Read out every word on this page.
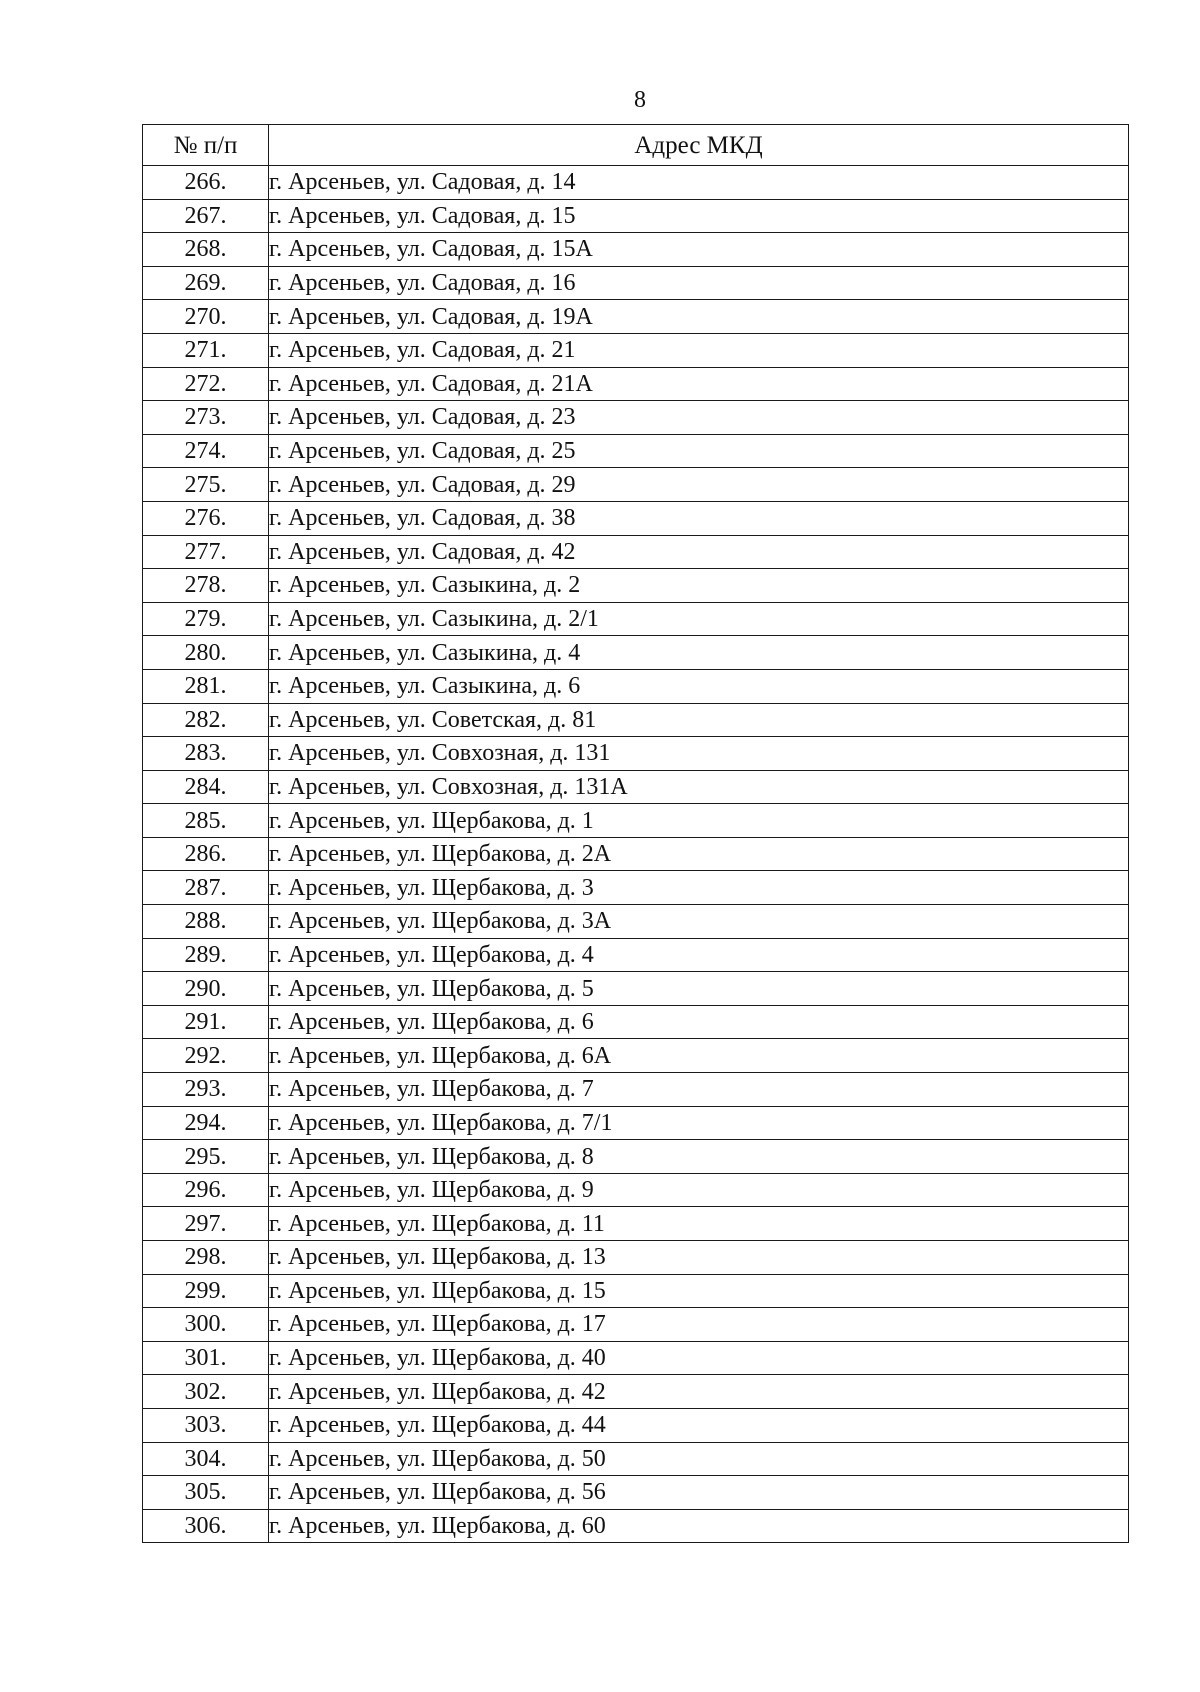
8
№ п/п	Адрес МКД
266.	г. Арсеньев, ул. Садовая, д. 14
267.	г. Арсеньев, ул. Садовая, д. 15
268.	г. Арсеньев, ул. Садовая, д. 15А
269.	г. Арсеньев, ул. Садовая, д. 16
270.	г. Арсеньев, ул. Садовая, д. 19А
271.	г. Арсеньев, ул. Садовая, д. 21
272.	г. Арсеньев, ул. Садовая, д. 21А
273.	г. Арсеньев, ул. Садовая, д. 23
274.	г. Арсеньев, ул. Садовая, д. 25
275.	г. Арсеньев, ул. Садовая, д. 29
276.	г. Арсеньев, ул. Садовая, д. 38
277.	г. Арсеньев, ул. Садовая, д. 42
278.	г. Арсеньев, ул. Сазыкина, д. 2
279.	г. Арсеньев, ул. Сазыкина, д. 2/1
280.	г. Арсеньев, ул. Сазыкина, д. 4
281.	г. Арсеньев, ул. Сазыкина, д. 6
282.	г. Арсеньев, ул. Советская, д. 81
283.	г. Арсеньев, ул. Совхозная, д. 131
284.	г. Арсеньев, ул. Совхозная, д. 131А
285.	г. Арсеньев, ул. Щербакова, д. 1
286.	г. Арсеньев, ул. Щербакова, д. 2А
287.	г. Арсеньев, ул. Щербакова, д. 3
288.	г. Арсеньев, ул. Щербакова, д. 3А
289.	г. Арсеньев, ул. Щербакова, д. 4
290.	г. Арсеньев, ул. Щербакова, д. 5
291.	г. Арсеньев, ул. Щербакова, д. 6
292.	г. Арсеньев, ул. Щербакова, д. 6А
293.	г. Арсеньев, ул. Щербакова, д. 7
294.	г. Арсеньев, ул. Щербакова, д. 7/1
295.	г. Арсеньев, ул. Щербакова, д. 8
296.	г. Арсеньев, ул. Щербакова, д. 9
297.	г. Арсеньев, ул. Щербакова, д. 11
298.	г. Арсеньев, ул. Щербакова, д. 13
299.	г. Арсеньев, ул. Щербакова, д. 15
300.	г. Арсеньев, ул. Щербакова, д. 17
301.	г. Арсеньев, ул. Щербакова, д. 40
302.	г. Арсеньев, ул. Щербакова, д. 42
303.	г. Арсеньев, ул. Щербакова, д. 44
304.	г. Арсеньев, ул. Щербакова, д. 50
305.	г. Арсеньев, ул. Щербакова, д. 56
306.	г. Арсеньев, ул. Щербакова, д. 60
